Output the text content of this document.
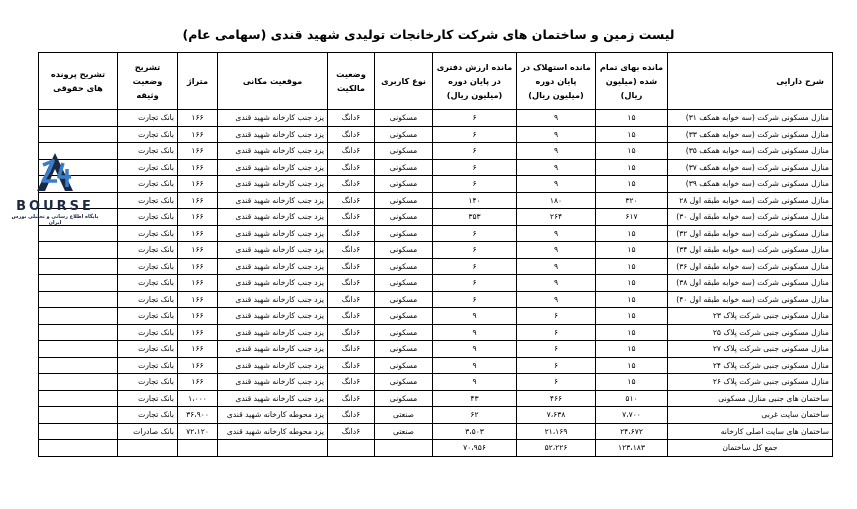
لیست زمین و ساختمان های شرکت کارخانجات تولیدی شهید قندی (سهامی عام)
شرح دارایی	مانده بهای تمام شده (میلیون ریال)	مانده استهلاک در پایان دوره (میلیون ریال)	مانده ارزش دفتری در پایان دوره (میلیون ریال)	نوع کاربری	وضعیت مالکیت	موقعیت مکانی	متراژ	تشریح وضعیت وثیقه	تشریح پرونده های حقوقی
منازل مسکونی شرکت (سه خوابه همکف ۳۱)	۱۵	۹	۶	مسکونی	۶دانگ	یزد جنب کارخانه شهید قندی	۱۶۶	بانک تجارت	
منازل مسکونی شرکت (سه خوابه همکف ۳۳)	۱۵	۹	۶	مسکونی	۶دانگ	یزد جنب کارخانه شهید قندی	۱۶۶	بانک تجارت	
منازل مسکونی شرکت (سه خوابه همکف ۳۵)	۱۵	۹	۶	مسکونی	۶دانگ	یزد جنب کارخانه شهید قندی	۱۶۶	بانک تجارت	
منازل مسکونی شرکت (سه خوابه همکف ۳۷)	۱۵	۹	۶	مسکونی	۶دانگ	یزد جنب کارخانه شهید قندی	۱۶۶	بانک تجارت	
منازل مسکونی شرکت (سه خوابه همکف ۳۹)	۱۵	۹	۶	مسکونی	۶دانگ	یزد جنب کارخانه شهید قندی	۱۶۶	بانک تجارت	
منازل مسکونی شرکت (سه خوابه طبقه اول ۲۸	۳۲۰	۱۸۰	۱۴۰	مسکونی	۶دانگ	یزد جنب کارخانه شهید قندی	۱۶۶	بانک تجارت	
منازل مسکونی شرکت (سه خوابه طبقه اول ۳۰)	۶۱۷	۲۶۴	۳۵۳	مسکونی	۶دانگ	یزد جنب کارخانه شهید قندی	۱۶۶	بانک تجارت	
منازل مسکونی شرکت (سه خوابه طبقه اول ۳۲)	۱۵	۹	۶	مسکونی	۶دانگ	یزد جنب کارخانه شهید قندی	۱۶۶	بانک تجارت	
منازل مسکونی شرکت (سه خوابه طبقه اول ۳۴)	۱۵	۹	۶	مسکونی	۶دانگ	یزد جنب کارخانه شهید قندی	۱۶۶	بانک تجارت	
منازل مسکونی شرکت (سه خوابه طبقه اول ۳۶)	۱۵	۹	۶	مسکونی	۶دانگ	یزد جنب کارخانه شهید قندی	۱۶۶	بانک تجارت	
منازل مسکونی شرکت (سه خوابه طبقه اول ۳۸)	۱۵	۹	۶	مسکونی	۶دانگ	یزد جنب کارخانه شهید قندی	۱۶۶	بانک تجارت	
منازل مسکونی شرکت (سه خوابه طبقه اول ۴۰)	۱۵	۹	۶	مسکونی	۶دانگ	یزد جنب کارخانه شهید قندی	۱۶۶	بانک تجارت	
منازل مسکونی جنبی شرکت پلاک ۲۳	۱۵	۶	۹	مسکونی	۶دانگ	یزد جنب کارخانه شهید قندی	۱۶۶	بانک تجارت	
منازل مسکونی جنبی شرکت پلاک ۲۵	۱۵	۶	۹	مسکونی	۶دانگ	یزد جنب کارخانه شهید قندی	۱۶۶	بانک تجارت	
منازل مسکونی جنبی شرکت پلاک ۲۷	۱۵	۶	۹	مسکونی	۶دانگ	یزد جنب کارخانه شهید قندی	۱۶۶	بانک تجارت	
منازل مسکونی جنبی شرکت پلاک ۲۴	۱۵	۶	۹	مسکونی	۶دانگ	یزد جنب کارخانه شهید قندی	۱۶۶	بانک تجارت	
منازل مسکونی جنبی شرکت پلاک ۲۶	۱۵	۶	۹	مسکونی	۶دانگ	یزد جنب کارخانه شهید قندی	۱۶۶	بانک تجارت	
ساختمان های جنبی منازل مسکونی	۵۱۰	۴۶۶	۴۳	مسکونی	۶دانگ	یزد جنب کارخانه شهید قندی	۱،۰۰۰	بانک تجارت	
ساختمان سایت غربی	۷،۷۰۰	۷،۶۳۸	۶۲	صنعتی	۶دانگ	یزد محوطه کارخانه شهید قندی	۳۶،۹۰۰	بانک تجارت	
ساختمان های سایت اصلی کارخانه	۲۴،۶۷۲	۲۱،۱۶۹	۳،۵۰۳	صنعتی	۶دانگ	یزد محوطه کارخانه شهید قندی	۷۲،۱۲۰	بانک صادرات	
جمع کل ساختمان	۱۲۳،۱۸۳	۵۲،۲۲۶	۷۰،۹۵۶						
BOURSE
پایگاه اطلاع رسانی و تحلیلی بورس ایران
